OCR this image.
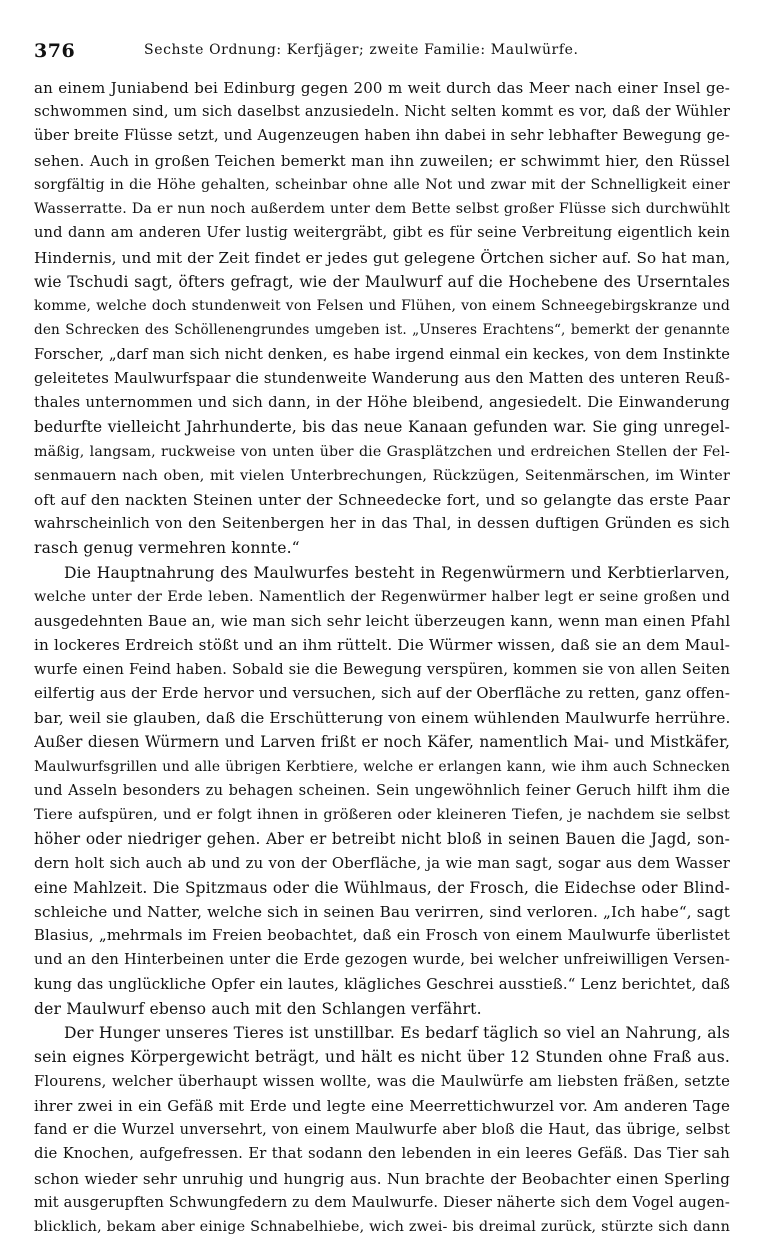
376	Sechste Ordnung: Kerfjäger; zweite Familie: Maulwürfe.
an einem Juniabend bei Edinburg gegen 200 m weit durch das Meer nach einer Insel ge-
schwommen sind, um sich daselbst anzusiedeln. Nicht selten kommt es vor, daß der Wühler
über breite Flüsse setzt, und Augenzeugen haben ihn dabei in sehr lebhafter Bewegung ge-
sehen. Auch in großen Teichen bemerkt man ihn zuweilen; er schwimmt hier, den Rüssel
sorgfältig in die Höhe gehalten, scheinbar ohne alle Not und zwar mit der Schnelligkeit einer
Wasserratte. Da er nun noch außerdem unter dem Bette selbst großer Flüsse sich durchwühlt
und dann am anderen Ufer lustig weitergräbt, gibt es für seine Verbreitung eigentlich kein
Hindernis, und mit der Zeit findet er jedes gut gelegene Örtchen sicher auf. So hat man,
wie Tschudi sagt, öfters gefragt, wie der Maulwurf auf die Hochebene des Urserntales
komme, welche doch stundenweit von Felsen und Flühen, von einem Schneegebirgskranze und
den Schrecken des Schöllenengrundes umgeben ist. „Unseres Erachtens“, bemerkt der genannte
Forscher, „darf man sich nicht denken, es habe irgend einmal ein keckes, von dem Instinkte
geleitetes Maulwurfspaar die stundenweite Wanderung aus den Matten des unteren Reuß-
thales unternommen und sich dann, in der Höhe bleibend, angesiedelt. Die Einwanderung
bedurfte vielleicht Jahrhunderte, bis das neue Kanaan gefunden war. Sie ging unregel-
mäßig, langsam, ruckweise von unten über die Grasplätzchen und erdreichen Stellen der Fel-
senmauern nach oben, mit vielen Unterbrechungen, Rückzügen, Seitenmärschen, im Winter
oft auf den nackten Steinen unter der Schneedecke fort, und so gelangte das erste Paar
wahrscheinlich von den Seitenbergen her in das Thal, in dessen duftigen Gründen es sich
rasch genug vermehren konnte.“
Die Hauptnahrung des Maulwurfes besteht in Regenwürmern und Kerbtierlarven,
welche unter der Erde leben. Namentlich der Regenwürmer halber legt er seine großen und
ausgedehnten Baue an, wie man sich sehr leicht überzeugen kann, wenn man einen Pfahl
in lockeres Erdreich stößt und an ihm rüttelt. Die Würmer wissen, daß sie an dem Maul-
wurfe einen Feind haben. Sobald sie die Bewegung verspüren, kommen sie von allen Seiten
eilfertig aus der Erde hervor und versuchen, sich auf der Oberfläche zu retten, ganz offen-
bar, weil sie glauben, daß die Erschütterung von einem wühlenden Maulwurfe herrühre.
Außer diesen Würmern und Larven frißt er noch Käfer, namentlich Mai- und Mistkäfer,
Maulwurfsgrillen und alle übrigen Kerbtiere, welche er erlangen kann, wie ihm auch Schnecken
und Asseln besonders zu behagen scheinen. Sein ungewöhnlich feiner Geruch hilft ihm die
Tiere aufspüren, und er folgt ihnen in größeren oder kleineren Tiefen, je nachdem sie selbst
höher oder niedriger gehen. Aber er betreibt nicht bloß in seinen Bauen die Jagd, son-
dern holt sich auch ab und zu von der Oberfläche, ja wie man sagt, sogar aus dem Wasser
eine Mahlzeit. Die Spitzmaus oder die Wühlmaus, der Frosch, die Eidechse oder Blind-
schleiche und Natter, welche sich in seinen Bau verirren, sind verloren. „Ich habe“, sagt
Blasius, „mehrmals im Freien beobachtet, daß ein Frosch von einem Maulwurfe überlistet
und an den Hinterbeinen unter die Erde gezogen wurde, bei welcher unfreiwilligen Versen-
kung das unglückliche Opfer ein lautes, klägliches Geschrei ausstieß.“ Lenz berichtet, daß
der Maulwurf ebenso auch mit den Schlangen verfährt.
Der Hunger unseres Tieres ist unstillbar. Es bedarf täglich so viel an Nahrung, als
sein eignes Körpergewicht beträgt, und hält es nicht über 12 Stunden ohne Fraß aus.
Flourens, welcher überhaupt wissen wollte, was die Maulwürfe am liebsten fräßen, setzte
ihrer zwei in ein Gefäß mit Erde und legte eine Meerrettichwurzel vor. Am anderen Tage
fand er die Wurzel unversehrt, von einem Maulwurfe aber bloß die Haut, das übrige, selbst
die Knochen, aufgefressen. Er that sodann den lebenden in ein leeres Gefäß. Das Tier sah
schon wieder sehr unruhig und hungrig aus. Nun brachte der Beobachter einen Sperling
mit ausgerupften Schwungfedern zu dem Maulwurfe. Dieser näherte sich dem Vogel augen-
blicklich, bekam aber einige Schnabelhiebe, wich zwei- bis dreimal zurück, stürzte sich dann
